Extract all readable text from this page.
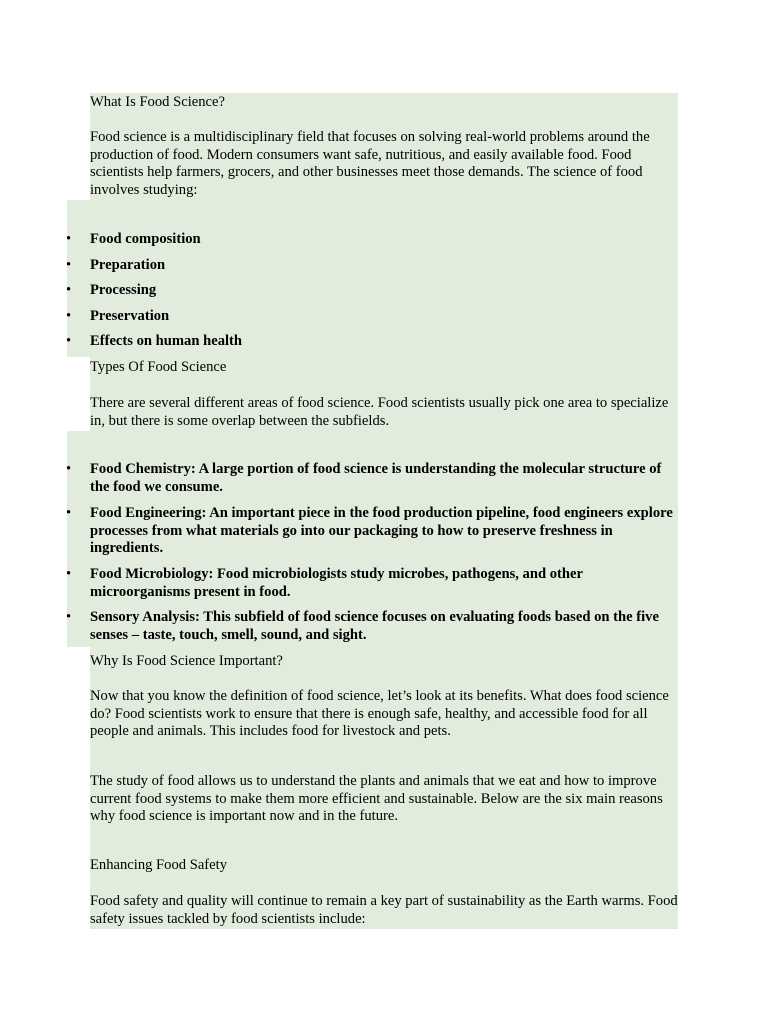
What Is Food Science?

Food science is a multidisciplinary field that focuses on solving real-world problems around the production of food. Modern consumers want safe, nutritious, and easily available food. Food scientists help farmers, grocers, and other businesses meet those demands. The science of food involves studying:

• Food composition
• Preparation
• Processing
• Preservation
• Effects on human health
Types Of Food Science

There are several different areas of food science. Food scientists usually pick one area to specialize in, but there is some overlap between the subfields.

• Food Chemistry: A large portion of food science is understanding the molecular structure of the food we consume.
• Food Engineering: An important piece in the food production pipeline, food engineers explore processes from what materials go into our packaging to how to preserve freshness in ingredients.
• Food Microbiology: Food microbiologists study microbes, pathogens, and other microorganisms present in food.
• Sensory Analysis: This subfield of food science focuses on evaluating foods based on the five senses – taste, touch, smell, sound, and sight.
Why Is Food Science Important?

Now that you know the definition of food science, let’s look at its benefits. What does food science do? Food scientists work to ensure that there is enough safe, healthy, and accessible food for all people and animals. This includes food for livestock and pets.

The study of food allows us to understand the plants and animals that we eat and how to improve current food systems to make them more efficient and sustainable. Below are the six main reasons why food science is important now and in the future.

Enhancing Food Safety

Food safety and quality will continue to remain a key part of sustainability as the Earth warms. Food safety issues tackled by food scientists include:
